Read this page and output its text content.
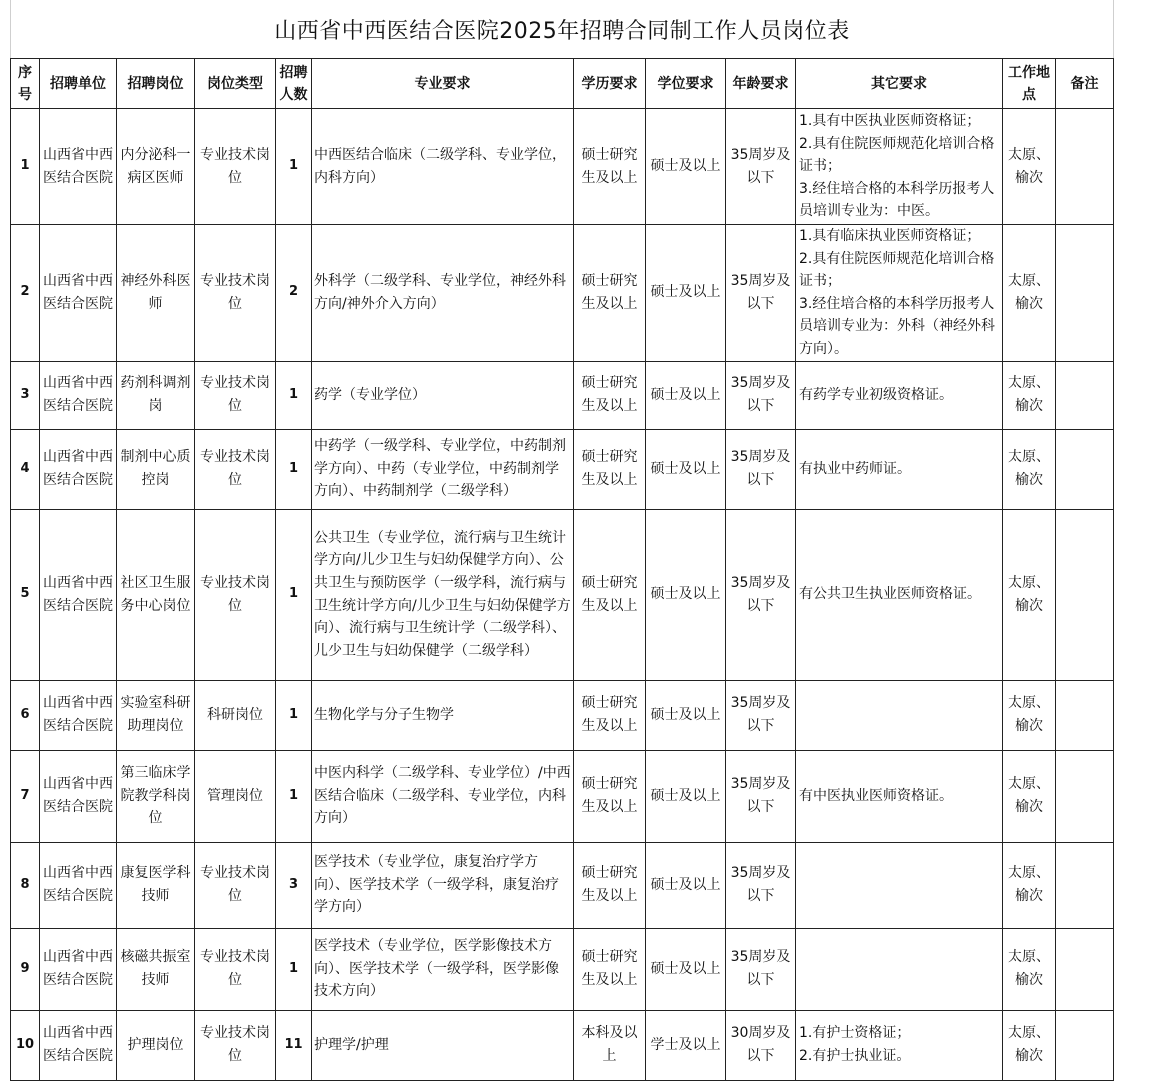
山西省中西医结合医院2025年招聘合同制工作人员岗位表
序号	招聘单位	招聘岗位	岗位类型	招聘人数	专业要求	学历要求	学位要求	年龄要求	其它要求	工作地点	备注
1	山西省中西医结合医院	内分泌科一病区医师	专业技术岗位	1	中西医结合临床（二级学科、专业学位，内科方向）	硕士研究生及以上	硕士及以上	35周岁及以下	1.具有中医执业医师资格证；
2.具有住院医师规范化培训合格证书；
3.经住培合格的本科学历报考人员培训专业为：中医。	太原、榆次	
2	山西省中西医结合医院	神经外科医师	专业技术岗位	2	外科学（二级学科、专业学位，神经外科方向/神外介入方向）	硕士研究生及以上	硕士及以上	35周岁及以下	1.具有临床执业医师资格证；
2.具有住院医师规范化培训合格证书；
3.经住培合格的本科学历报考人员培训专业为：外科（神经外科方向）。	太原、榆次	
3	山西省中西医结合医院	药剂科调剂岗	专业技术岗位	1	药学（专业学位）	硕士研究生及以上	硕士及以上	35周岁及以下	有药学专业初级资格证。	太原、榆次	
4	山西省中西医结合医院	制剂中心质控岗	专业技术岗位	1	中药学（一级学科、专业学位，中药制剂学方向）、中药（专业学位，中药制剂学方向）、中药制剂学（二级学科）	硕士研究生及以上	硕士及以上	35周岁及以下	有执业中药师证。	太原、榆次	
5	山西省中西医结合医院	社区卫生服务中心岗位	专业技术岗位	1	公共卫生（专业学位，流行病与卫生统计学方向/儿少卫生与妇幼保健学方向）、公共卫生与预防医学（一级学科，流行病与卫生统计学方向/儿少卫生与妇幼保健学方向）、流行病与卫生统计学（二级学科）、儿少卫生与妇幼保健学（二级学科）	硕士研究生及以上	硕士及以上	35周岁及以下	有公共卫生执业医师资格证。	太原、榆次	
6	山西省中西医结合医院	实验室科研助理岗位	科研岗位	1	生物化学与分子生物学	硕士研究生及以上	硕士及以上	35周岁及以下		太原、榆次	
7	山西省中西医结合医院	第三临床学院教学科岗位	管理岗位	1	中医内科学（二级学科、专业学位）/中西医结合临床（二级学科、专业学位，内科方向）	硕士研究生及以上	硕士及以上	35周岁及以下	有中医执业医师资格证。	太原、榆次	
8	山西省中西医结合医院	康复医学科技师	专业技术岗位	3	医学技术（专业学位，康复治疗学方向）、医学技术学（一级学科，康复治疗学方向）	硕士研究生及以上	硕士及以上	35周岁及以下		太原、榆次	
9	山西省中西医结合医院	核磁共振室技师	专业技术岗位	1	医学技术（专业学位，医学影像技术方向）、医学技术学（一级学科，医学影像技术方向）	硕士研究生及以上	硕士及以上	35周岁及以下		太原、榆次	
10	山西省中西医结合医院	护理岗位	专业技术岗位	11	护理学/护理	本科及以上	学士及以上	30周岁及以下	1.有护士资格证；
2.有护士执业证。	太原、榆次	
